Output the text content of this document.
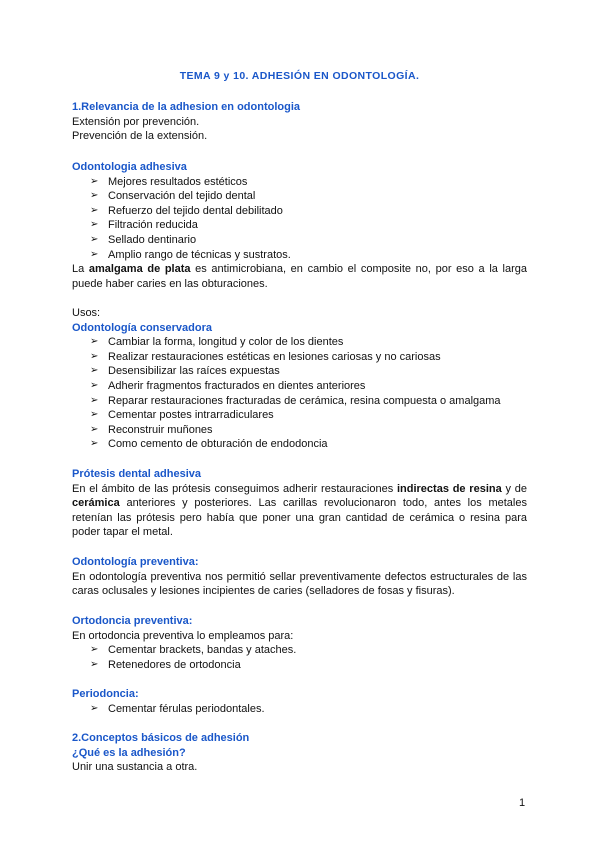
TEMA 9 y 10. ADHESIÓN EN ODONTOLOGÍA.
1.Relevancia de la adhesion en odontologia
Extensión por prevención.
Prevención de la extensión.
Odontologia adhesiva
➢ Mejores resultados estéticos
➢ Conservación del tejido dental
➢ Refuerzo del tejido dental debilitado
➢ Filtración reducida
➢ Sellado dentinario
➢ Amplio rango de técnicas y sustratos.
La amalgama de plata es antimicrobiana, en cambio el composite no, por eso a la larga puede haber caries en las obturaciones.
Usos:
Odontología conservadora
➢ Cambiar la forma, longitud y color de los dientes
➢ Realizar restauraciones estéticas en lesiones cariosas y no cariosas
➢ Desensibilizar las raíces expuestas
➢ Adherir fragmentos fracturados en dientes anteriores
➢ Reparar restauraciones fracturadas de cerámica, resina compuesta o amalgama
➢ Cementar postes intrarradiculares
➢ Reconstruir muñones
➢ Como cemento de obturación de endodoncia
Prótesis dental adhesiva
En el ámbito de las prótesis conseguimos adherir restauraciones indirectas de resina y de cerámica anteriores y posteriores. Las carillas revolucionaron todo, antes los metales retenían las prótesis pero había que poner una gran cantidad de cerámica o resina para poder tapar el metal.
Odontología preventiva:
En odontología preventiva nos permitió sellar preventivamente defectos estructurales de las caras oclusales y lesiones incipientes de caries (selladores de fosas y fisuras).
Ortodoncia preventiva:
En ortodoncia preventiva lo empleamos para:
➢ Cementar brackets, bandas y ataches.
➢ Retenedores de ortodoncia
Periodoncia:
➢ Cementar férulas periodontales.
2.Conceptos básicos de adhesión
¿Qué es la adhesión?
Unir una sustancia a otra.
1
